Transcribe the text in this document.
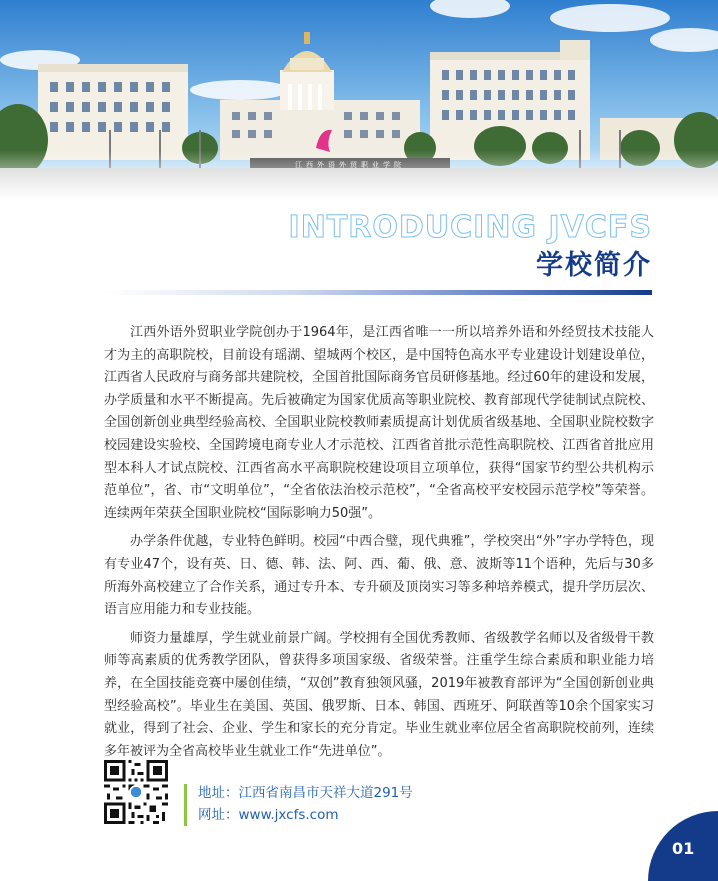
江西外语外贸职业学院
INTRODUCING JVCFS
学校简介

江西外语外贸职业学院创办于1964年，是江西省唯一一所以培养外语和外经贸技术技能人才为主的高职院校，目前设有瑶湖、望城两个校区，是中国特色高水平专业建设计划建设单位，江西省人民政府与商务部共建院校，全国首批国际商务官员研修基地。经过60年的建设和发展，办学质量和水平不断提高。先后被确定为国家优质高等职业院校、教育部现代学徒制试点院校、全国创新创业典型经验高校、全国职业院校教师素质提高计划优质省级基地、全国职业院校数字校园建设实验校、全国跨境电商专业人才示范校、江西省首批示范性高职院校、江西省首批应用型本科人才试点院校、江西省高水平高职院校建设项目立项单位，获得“国家节约型公共机构示范单位”，省、市“文明单位”，“全省依法治校示范校”，“全省高校平安校园示范学校”等荣誉。连续两年荣获全国职业院校“国际影响力50强”。

办学条件优越，专业特色鲜明。校园“中西合璧，现代典雅”，学校突出“外”字办学特色，现有专业47个，设有英、日、德、韩、法、阿、西、葡、俄、意、波斯等11个语种，先后与30多所海外高校建立了合作关系，通过专升本、专升硕及顶岗实习等多种培养模式，提升学历层次、语言应用能力和专业技能。

师资力量雄厚，学生就业前景广阔。学校拥有全国优秀教师、省级教学名师以及省级骨干教师等高素质的优秀教学团队，曾获得多项国家级、省级荣誉。注重学生综合素质和职业能力培养，在全国技能竞赛中屡创佳绩，“双创”教育独领风骚，2019年被教育部评为“全国创新创业典型经验高校”。毕业生在美国、英国、俄罗斯、日本、韩国、西班牙、阿联酋等10余个国家实习就业，得到了社会、企业、学生和家长的充分肯定。毕业生就业率位居全省高职院校前列，连续多年被评为全省高校毕业生就业工作“先进单位”。

地址：江西省南昌市天祥大道291号
网址：www.jxcfs.com
01
